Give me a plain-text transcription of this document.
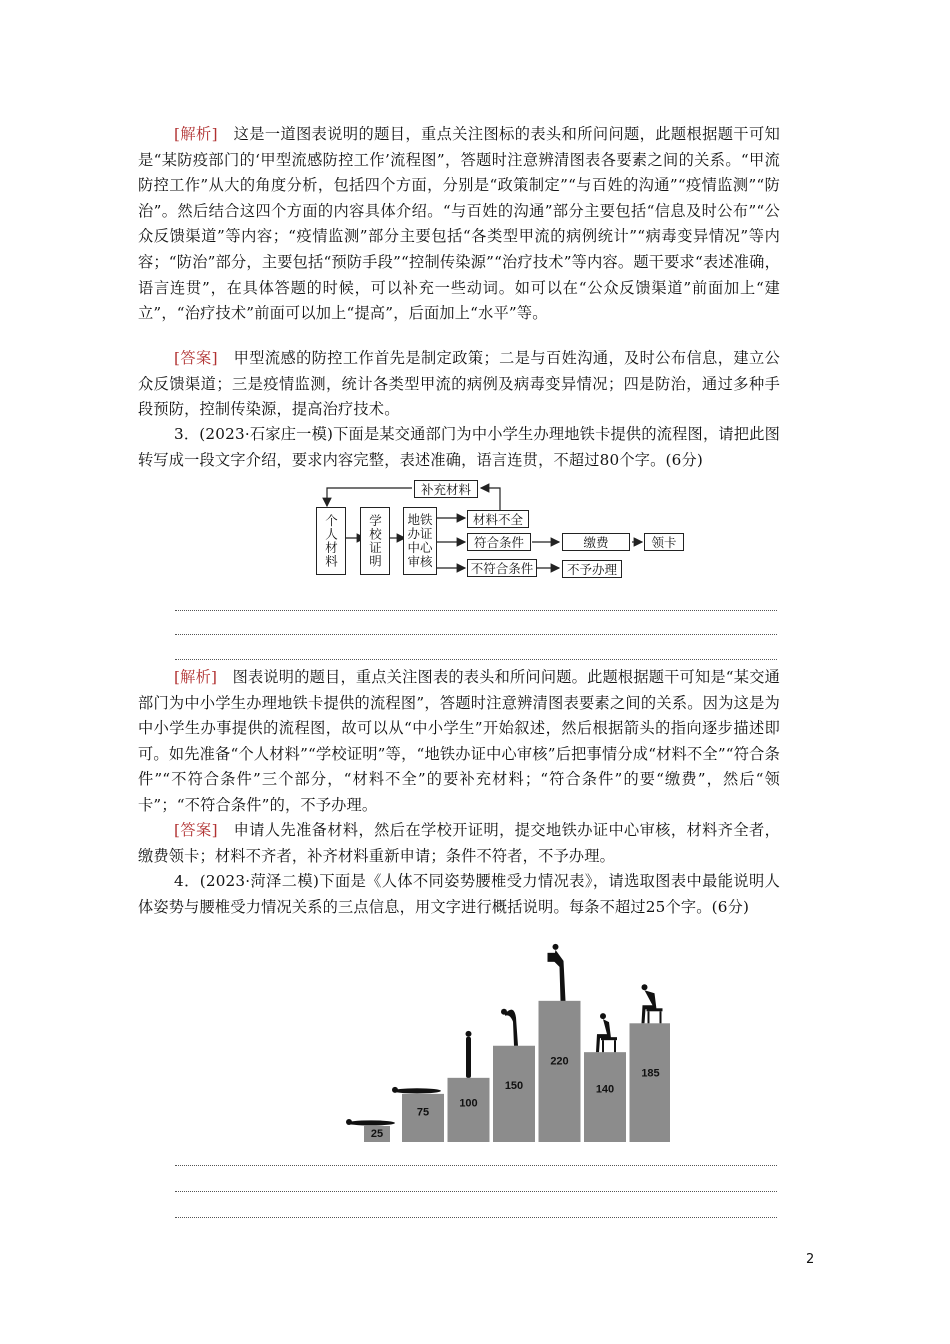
[解析]　 这是一道图表说明的题目，重点关注图标的表头和所问问题，此题根据题干可知是“某防疫部门的‘甲型流感防控工作’流程图”，答题时注意辨清图表各要素之间的关系。“甲流防控工作”从大的角度分析，包括四个方面，分别是“政策制定”“与百姓的沟通”“疫情监测”“防治”。然后结合这四个方面的内容具体介绍。“与百姓的沟通”部分主要包括“信息及时公布”“公众反馈渠道”等内容；“疫情监测”部分主要包括“各类型甲流的病例统计”“病毒变异情况”等内容；“防治”部分，主要包括“预防手段”“控制传染源”“治疗技术”等内容。题干要求“表述准确，语言连贯”，在具体答题的时候，可以补充一些动词。如可以在“公众反馈渠道”前面加上“建立”，“治疗技术”前面可以加上“提高”，后面加上“水平”等。

[答案]　 甲型流感的防控工作首先是制定政策；二是与百姓沟通，及时公布信息，建立公众反馈渠道；三是疫情监测，统计各类型甲流的病例及病毒变异情况；四是防治，通过多种手段预防，控制传染源，提高治疗技术。

3．(2023·石家庄一模)下面是某交通部门为中小学生办理地铁卡提供的流程图，请把此图转写成一段文字介绍，要求内容完整，表述准确，语言连贯，不超过80个字。(6分)

个人材料	学校证明	地铁
办证
中心
审核
补充材料
材料不全
符合条件
不符合条件
缴费	领卡
不予办理

[解析]　 图表说明的题目，重点关注图表的表头和所问问题。此题根据题干可知是“某交通部门为中小学生办理地铁卡提供的流程图”，答题时注意辨清图表要素之间的关系。因为这是为中小学生办事提供的流程图，故可以从“中小学生”开始叙述，然后根据箭头的指向逐步描述即可。如先准备“个人材料”“学校证明”等，“地铁办证中心审核”后把事情分成“材料不全”“符合条件”“不符合条件”三个部分，“材料不全”的要补充材料；“符合条件”的要“缴费”，然后“领卡”；“不符合条件”的，不予办理。

[答案]　 申请人先准备材料，然后在学校开证明，提交地铁办证中心审核，材料齐全者，缴费领卡；材料不齐者，补齐材料重新申请；条件不符者，不予办理。

4．(2023·菏泽二模)下面是《人体不同姿势腰椎受力情况表》，请选取图表中最能说明人体姿势与腰椎受力情况关系的三点信息，用文字进行概括说明。每条不超过25个字。(6分)

25
75
100
150
220
140
185
2
